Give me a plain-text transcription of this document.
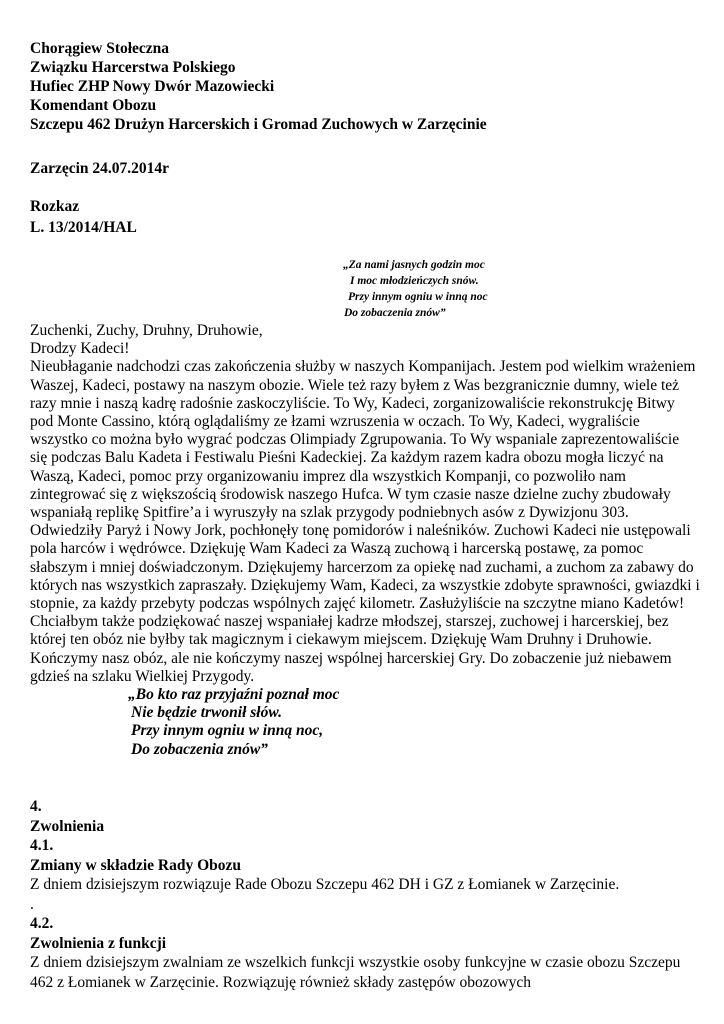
Chorągiew Stołeczna
Związku Harcerstwa Polskiego
Hufiec ZHP Nowy Dwór Mazowiecki
Komendant Obozu
Szczepu 462 Drużyn Harcerskich i Gromad Zuchowych w Zarzęcinie
Zarzęcin 24.07.2014r
Rozkaz
L. 13/2014/HAL
„Za nami jasnych godzin moc
I moc młodzieńczych snów.
Przy innym ogniu w inną noc
Do zobaczenia znów”

Zuchenki, Zuchy, Druhny, Druhowie,

Drodzy Kadeci!

Nieubłaganie nadchodzi czas zakończenia służby w naszych Kompanijach. Jestem pod wielkim wrażeniem Waszej, Kadeci, postawy na naszym obozie. Wiele też razy byłem z Was bezgranicznie dumny, wiele też razy mnie i naszą kadrę radośnie zaskoczyliście. To Wy, Kadeci, zorganizowaliście rekonstrukcję Bitwy pod Monte Cassino, którą oglądaliśmy ze łzami wzruszenia w oczach. To Wy, Kadeci, wygraliście wszystko co można było wygrać podczas Olimpiady Zgrupowania. To Wy wspaniale zaprezentowaliście się podczas Balu Kadeta i Festiwalu Pieśni Kadeckiej. Za każdym razem kadra obozu mogła liczyć na Waszą, Kadeci, pomoc przy organizowaniu imprez dla wszystkich Kompanji, co pozwoliło nam zintegrować się z większością środowisk naszego Hufca. W tym czasie nasze dzielne zuchy zbudowały wspaniałą replikę Spitfire’a i wyruszyły na szlak przygody podniebnych asów z Dywizjonu 303. Odwiedziły Paryż i Nowy Jork, pochłonęły tonę pomidorów i naleśników. Zuchowi Kadeci nie ustępowali pola harców i wędrówce. Dziękuję Wam Kadeci za Waszą zuchową i harcerską postawę, za pomoc słabszym i mniej doświadczonym. Dziękujemy harcerzom za opiekę nad zuchami, a zuchom za zabawy do których nas wszystkich zapraszały. Dziękujemy Wam, Kadeci, za wszystkie zdobyte sprawności, gwiazdki i stopnie, za każdy przebyty podczas wspólnych zajęć kilometr. Zasłużyliście na szczytne miano Kadetów!

Chciałbym także podziękować naszej wspaniałej kadrze młodszej, starszej, zuchowej i harcerskiej, bez której ten obóz nie byłby tak magicznym i ciekawym miejscem. Dziękuję Wam Druhny i Druhowie. Kończymy nasz obóz, ale nie kończymy naszej wspólnej harcerskiej Gry. Do zobaczenie już niebawem gdzieś na szlaku Wielkiej Przygody.

„Bo kto raz przyjaźni poznał moc
Nie będzie trwonił słów.
Przy innym ogniu w inną noc,
Do zobaczenia znów”

4.

Zwolnienia

4.1.

Zmiany w składzie Rady Obozu

Z dniem dzisiejszym rozwiązuje Rade Obozu Szczepu 462 DH i GZ z Łomianek w Zarzęcinie.

.

4.2.

Zwolnienia z funkcji

Z dniem dzisiejszym zwalniam ze wszelkich funkcji wszystkie osoby funkcyjne w czasie obozu Szczepu 462 z Łomianek w Zarzęcinie. Rozwiązuję również składy zastępów obozowych
